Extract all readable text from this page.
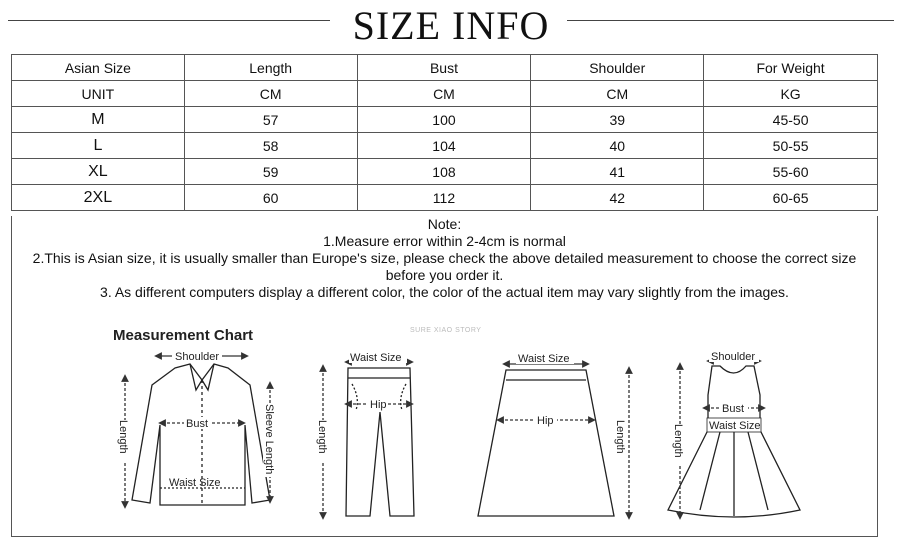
SIZE INFO
Asian Size	Length	Bust	Shoulder	For Weight
UNIT	CM	CM	CM	KG
M	57	100	39	45-50
L	58	104	40	50-55
XL	59	108	41	55-60
2XL	60	112	42	60-65
Note:
1.Measure error within 2-4cm is normal
2.This is Asian size, it is usually smaller than Europe's size, please check the above detailed measurement to choose the correct size
before you order it.
3. As different computers display a different color, the color of the actual item may vary slightly from the images.
Measurement Chart	SURE XIAO STORY
Shoulder
Bust
Waist Size
Length	Sleeve Length
Waist Size
Hip
Length
Waist Size
Hip	Length
Shoulder
Bust
Waist Size
Length
